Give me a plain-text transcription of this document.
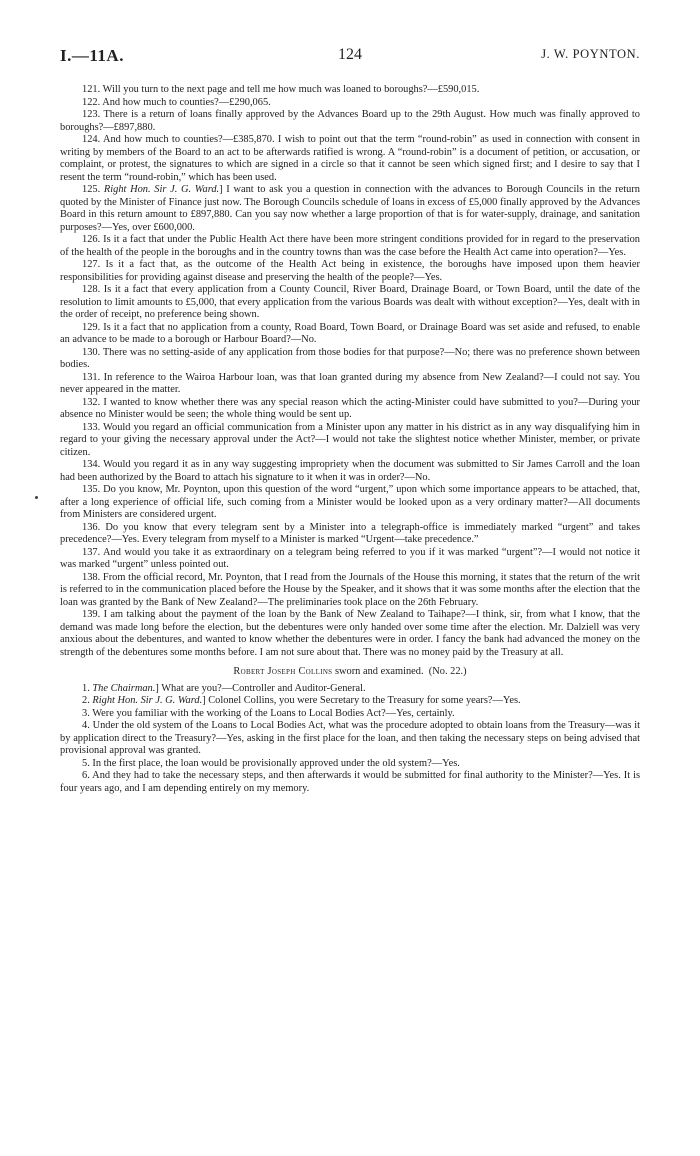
I.—11A.	124	J. W. POYNTON.

121. Will you turn to the next page and tell me how much was loaned to boroughs?—£590,015.

122. And how much to counties?—£290,065.

123. There is a return of loans finally approved by the Advances Board up to the 29th August. How much was finally approved to boroughs?—£897,880.

124. And how much to counties?—£385,870. I wish to point out that the term “round-robin” as used in connection with consent in writing by members of the Board to an act to be afterwards ratified is wrong. A “round-robin” is a document of petition, or accusation, or complaint, or protest, the signatures to which are signed in a circle so that it cannot be seen which signed first; and I desire to say that I resent the term “round-robin,” which has been used.

125. Right Hon. Sir J. G. Ward.] I want to ask you a question in connection with the advances to Borough Councils in the return quoted by the Minister of Finance just now. The Borough Councils schedule of loans in excess of £5,000 finally approved by the Advances Board in this return amount to £897,880. Can you say now whether a large proportion of that is for water-supply, drainage, and sanitation purposes?—Yes, over £600,000.

126. Is it a fact that under the Public Health Act there have been more stringent conditions provided for in regard to the preservation of the health of the people in the boroughs and in the country towns than was the case before the Health Act came into operation?—Yes.

127. Is it a fact that, as the outcome of the Health Act being in existence, the boroughs have imposed upon them heavier responsibilities for providing against disease and preserving the health of the people?—Yes.

128. Is it a fact that every application from a County Council, River Board, Drainage Board, or Town Board, until the date of the resolution to limit amounts to £5,000, that every application from the various Boards was dealt with without exception?—Yes, dealt with in the order of receipt, no preference being shown.

129. Is it a fact that no application from a county, Road Board, Town Board, or Drainage Board was set aside and refused, to enable an advance to be made to a borough or Harbour Board?—No.

130. There was no setting-aside of any application from those bodies for that purpose?—No; there was no preference shown between bodies.

131. In reference to the Wairoa Harbour loan, was that loan granted during my absence from New Zealand?—I could not say. You never appeared in the matter.

132. I wanted to know whether there was any special reason which the acting-Minister could have submitted to you?—During your absence no Minister would be seen; the whole thing would be sent up.

133. Would you regard an official communication from a Minister upon any matter in his district as in any way disqualifying him in regard to your giving the necessary approval under the Act?—I would not take the slightest notice whether Minister, member, or private citizen.

134. Would you regard it as in any way suggesting impropriety when the document was submitted to Sir James Carroll and the loan had been authorized by the Board to attach his signature to it when it was in order?—No.

135. Do you know, Mr. Poynton, upon this question of the word “urgent,” upon which some importance appears to be attached, that, after a long experience of official life, such coming from a Minister would be looked upon as a very ordinary matter?—All documents from Ministers are considered urgent.

136. Do you know that every telegram sent by a Minister into a telegraph-office is immediately marked “urgent” and takes precedence?—Yes. Every telegram from myself to a Minister is marked “Urgent—take precedence.”

137. And would you take it as extraordinary on a telegram being referred to you if it was marked “urgent”?—I would not notice it was marked “urgent” unless pointed out.

138. From the official record, Mr. Poynton, that I read from the Journals of the House this morning, it states that the return of the writ is referred to in the communication placed before the House by the Speaker, and it shows that it was some months after the election that the loan was granted by the Bank of New Zealand?—The preliminaries took place on the 26th February.

139. I am talking about the payment of the loan by the Bank of New Zealand to Taihape?—I think, sir, from what I know, that the demand was made long before the election, but the debentures were only handed over some time after the election. Mr. Dalziell was very anxious about the debentures, and wanted to know whether the debentures were in order. I fancy the bank had advanced the money on the strength of the debentures some months before. I am not sure about that. There was no money paid by the Treasury at all.

Robert Joseph Collins sworn and examined. (No. 22.)

1. The Chairman.] What are you?—Controller and Auditor-General.

2. Right Hon. Sir J. G. Ward.] Colonel Collins, you were Secretary to the Treasury for some years?—Yes.

3. Were you familiar with the working of the Loans to Local Bodies Act?—Yes, certainly.

4. Under the old system of the Loans to Local Bodies Act, what was the procedure adopted to obtain loans from the Treasury—was it by application direct to the Treasury?—Yes, asking in the first place for the loan, and then taking the necessary steps on being advised that provisional approval was granted.

5. In the first place, the loan would be provisionally approved under the old system?—Yes.

6. And they had to take the necessary steps, and then afterwards it would be submitted for final authority to the Minister?—Yes. It is four years ago, and I am depending entirely on my memory.
